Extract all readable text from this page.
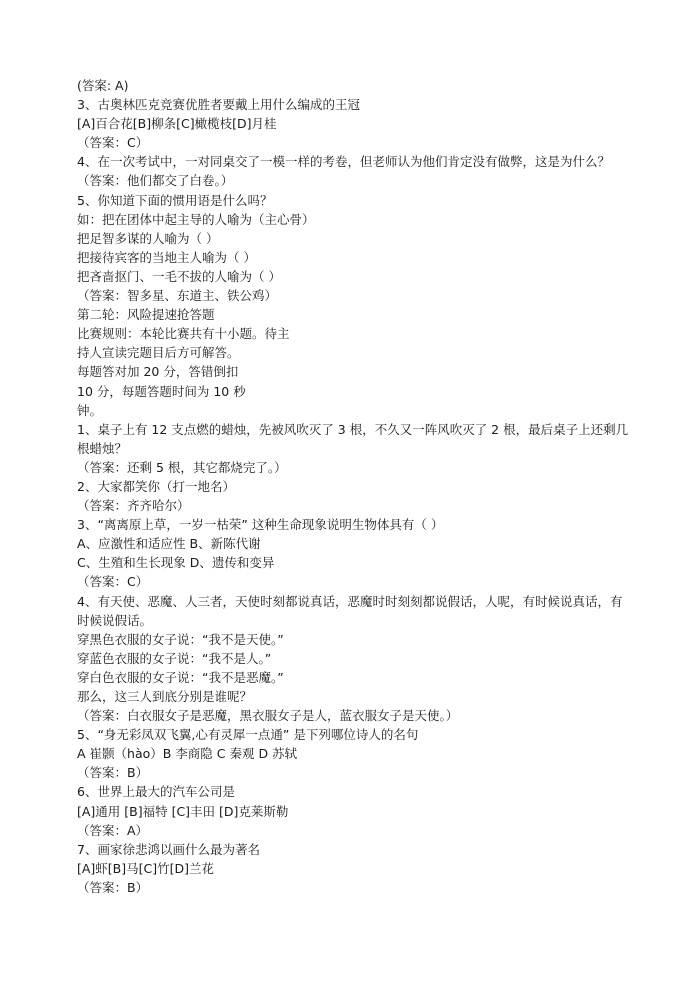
(答案: A)
3、古奥林匹克竞赛优胜者要戴上用什么编成的王冠
[A]百合花[B]柳条[C]橄榄枝[D]月桂
（答案：C）
4、在一次考试中，一对同桌交了一模一样的考卷，但老师认为他们肯定没有做弊，这是为什么？
（答案：他们都交了白卷。）
5、你知道下面的惯用语是什么吗？
如：把在团体中起主导的人喻为（主心骨）
把足智多谋的人喻为（ ）
把接待宾客的当地主人喻为（ ）
把吝啬抠门、一毛不拔的人喻为（ ）
（答案：智多星、东道主、铁公鸡）
第二轮：风险提速抢答题
比赛规则：本轮比赛共有十小题。待主
持人宣读完题目后方可解答。
每题答对加 20 分，答错倒扣
10 分，每题答题时间为 10 秒
钟。
1、桌子上有 12 支点燃的蜡烛，先被风吹灭了 3 根，不久又一阵风吹灭了 2 根，最后桌子上还剩几
根蜡烛？
（答案：还剩 5 根，其它都烧完了。）
2、大家都笑你（打一地名）
（答案：齐齐哈尔）
3、“离离原上草，一岁一枯荣” 这种生命现象说明生物体具有（ ）
A、应激性和适应性 B、新陈代谢
C、生殖和生长现象 D、遗传和变异
（答案：C）
4、有天使、恶魔、人三者，天使时刻都说真话，恶魔时时刻刻都说假话，人呢，有时候说真话，有
时候说假话。
穿黑色衣服的女子说：“我不是天使。”
穿蓝色衣服的女子说：“我不是人。”
穿白色衣服的女子说：“我不是恶魔。”
那么，这三人到底分别是谁呢？
（答案：白衣服女子是恶魔，黑衣服女子是人，蓝衣服女子是天使。）
5、“身无彩凤双飞翼,心有灵犀一点通” 是下列哪位诗人的名句
A 崔颢（hào）B 李商隐 C 秦观 D 苏轼
（答案：B）
6、世界上最大的汽车公司是
[A]通用 [B]福特 [C]丰田 [D]克莱斯勒
（答案：A）
7、画家徐悲鸿以画什么最为著名
[A]虾[B]马[C]竹[D]兰花
（答案：B）
